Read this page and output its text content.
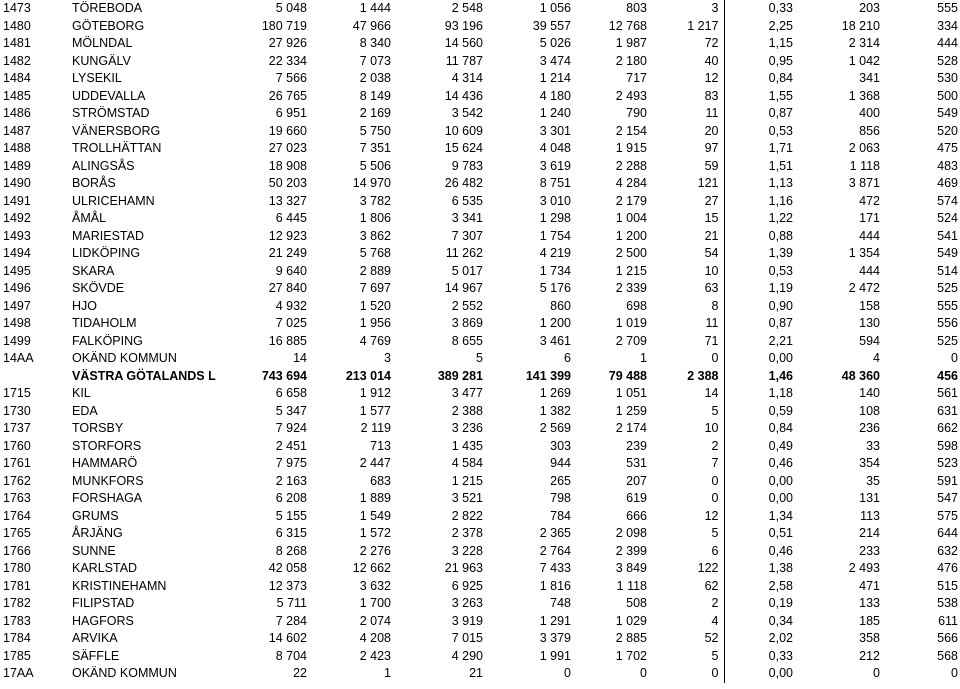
1473	TÖREBODA	5 048	1 444	2 548	1 056	803	3	0,33	203	555
1480	GÖTEBORG	180 719	47 966	93 196	39 557	12 768	1 217	2,25	18 210	334
1481	MÖLNDAL	27 926	8 340	14 560	5 026	1 987	72	1,15	2 314	444
1482	KUNGÄLV	22 334	7 073	11 787	3 474	2 180	40	0,95	1 042	528
1484	LYSEKIL	7 566	2 038	4 314	1 214	717	12	0,84	341	530
1485	UDDEVALLA	26 765	8 149	14 436	4 180	2 493	83	1,55	1 368	500
1486	STRÖMSTAD	6 951	2 169	3 542	1 240	790	11	0,87	400	549
1487	VÄNERSBORG	19 660	5 750	10 609	3 301	2 154	20	0,53	856	520
1488	TROLLHÄTTAN	27 023	7 351	15 624	4 048	1 915	97	1,71	2 063	475
1489	ALINGSÅS	18 908	5 506	9 783	3 619	2 288	59	1,51	1 118	483
1490	BORÅS	50 203	14 970	26 482	8 751	4 284	121	1,13	3 871	469
1491	ULRICEHAMN	13 327	3 782	6 535	3 010	2 179	27	1,16	472	574
1492	ÅMÅL	6 445	1 806	3 341	1 298	1 004	15	1,22	171	524
1493	MARIESTAD	12 923	3 862	7 307	1 754	1 200	21	0,88	444	541
1494	LIDKÖPING	21 249	5 768	11 262	4 219	2 500	54	1,39	1 354	549
1495	SKARA	9 640	2 889	5 017	1 734	1 215	10	0,53	444	514
1496	SKÖVDE	27 840	7 697	14 967	5 176	2 339	63	1,19	2 472	525
1497	HJO	4 932	1 520	2 552	860	698	8	0,90	158	555
1498	TIDAHOLM	7 025	1 956	3 869	1 200	1 019	11	0,87	130	556
1499	FALKÖPING	16 885	4 769	8 655	3 461	2 709	71	2,21	594	525
14AA	OKÄND KOMMUN	14	3	5	6	1	0	0,00	4	0
	VÄSTRA GÖTALANDS L	743 694	213 014	389 281	141 399	79 488	2 388	1,46	48 360	456
1715	KIL	6 658	1 912	3 477	1 269	1 051	14	1,18	140	561
1730	EDA	5 347	1 577	2 388	1 382	1 259	5	0,59	108	631
1737	TORSBY	7 924	2 119	3 236	2 569	2 174	10	0,84	236	662
1760	STORFORS	2 451	713	1 435	303	239	2	0,49	33	598
1761	HAMMARÖ	7 975	2 447	4 584	944	531	7	0,46	354	523
1762	MUNKFORS	2 163	683	1 215	265	207	0	0,00	35	591
1763	FORSHAGA	6 208	1 889	3 521	798	619	0	0,00	131	547
1764	GRUMS	5 155	1 549	2 822	784	666	12	1,34	113	575
1765	ÅRJÄNG	6 315	1 572	2 378	2 365	2 098	5	0,51	214	644
1766	SUNNE	8 268	2 276	3 228	2 764	2 399	6	0,46	233	632
1780	KARLSTAD	42 058	12 662	21 963	7 433	3 849	122	1,38	2 493	476
1781	KRISTINEHAMN	12 373	3 632	6 925	1 816	1 118	62	2,58	471	515
1782	FILIPSTAD	5 711	1 700	3 263	748	508	2	0,19	133	538
1783	HAGFORS	7 284	2 074	3 919	1 291	1 029	4	0,34	185	611
1784	ARVIKA	14 602	4 208	7 015	3 379	2 885	52	2,02	358	566
1785	SÄFFLE	8 704	2 423	4 290	1 991	1 702	5	0,33	212	568
17AA	OKÄND KOMMUN	22	1	21	0	0	0	0,00	0	0
